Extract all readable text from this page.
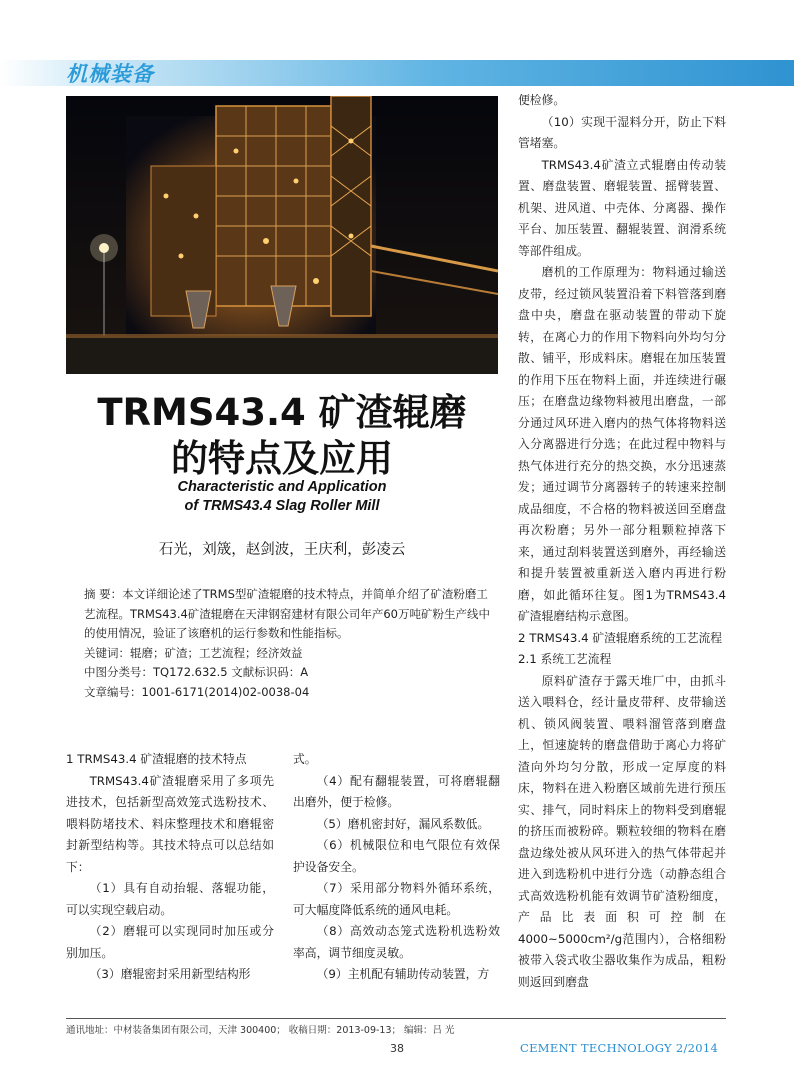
机械装备
TRMS43.4 矿渣辊磨
的特点及应用
Characteristic and Application
of TRMS43.4 Slag Roller Mill
石光，刘筬，赵剑波，王庆利，彭凌云

摘 要：本文详细论述了TRMS型矿渣辊磨的技术特点，并简单介绍了矿渣粉磨工艺流程。TRMS43.4矿渣辊磨在天津钢窑建材有限公司年产60万吨矿粉生产线中的使用情况，验证了该磨机的运行参数和性能指标。

关键词：辊磨；矿渣；工艺流程；经济效益
中图分类号：TQ172.632.5 文献标识码：A
文章编号：1001-6171(2014)02-0038-04

1 TRMS43.4 矿渣辊磨的技术特点

TRMS43.4矿渣辊磨采用了多项先进技术，包括新型高效笼式选粉技术、喂料防堵技术、料床整理技术和磨辊密封新型结构等。其技术特点可以总结如下：

（1）具有自动抬辊、落辊功能，可以实现空载启动。

（2）磨辊可以实现同时加压或分别加压。

（3）磨辊密封采用新型结构形

式。

（4）配有翻辊装置，可将磨辊翻出磨外，便于检修。

（5）磨机密封好，漏风系数低。

（6）机械限位和电气限位有效保护设备安全。

（7）采用部分物料外循环系统，可大幅度降低系统的通风电耗。

（8）高效动态笼式选粉机选粉效率高，调节细度灵敏。

（9）主机配有辅助传动装置，方

便检修。

（10）实现干湿料分开，防止下料管堵塞。

TRMS43.4矿渣立式辊磨由传动装置、磨盘装置、磨辊装置、摇臂装置、机架、进风道、中壳体、分离器、操作平台、加压装置、翻辊装置、润滑系统等部件组成。

磨机的工作原理为：物料通过输送皮带，经过锁风装置沿着下料管落到磨盘中央，磨盘在驱动装置的带动下旋转，在离心力的作用下物料向外均匀分散、铺平，形成料床。磨辊在加压装置的作用下压在物料上面，并连续进行碾压；在磨盘边缘物料被甩出磨盘，一部分通过风环进入磨内的热气体将物料送入分离器进行分选；在此过程中物料与热气体进行充分的热交换，水分迅速蒸发；通过调节分离器转子的转速来控制成品细度，不合格的物料被送回至磨盘再次粉磨；另外一部分粗颗粒掉落下来，通过刮料装置送到磨外，再经输送和提升装置被重新送入磨内再进行粉磨，如此循环往复。图1为TRMS43.4矿渣辊磨结构示意图。

2 TRMS43.4 矿渣辊磨系统的工艺流程

2.1 系统工艺流程

原料矿渣存于露天堆厂中，由抓斗送入喂料仓，经计量皮带秤、皮带输送机、锁风阀装置、喂料溜管落到磨盘上，恒速旋转的磨盘借助于离心力将矿渣向外均匀分散，形成一定厚度的料床，物料在进入粉磨区域前先进行预压实、排气，同时料床上的物料受到磨辊的挤压而被粉碎。颗粒较细的物料在磨盘边缘处被从风环进入的热气体带起并进入到选粉机中进行分选（动静态组合式高效选粉机能有效调节矿渣粉细度，产品比表面积可控制在4000~5000cm²/g范围内），合格细粉被带入袋式收尘器收集作为成品，粗粉则返回到磨盘

通讯地址：中材装备集团有限公司，天津 300400； 收稿日期：2013-09-13； 编辑：吕 光
38	CEMENT TECHNOLOGY 2/2014
